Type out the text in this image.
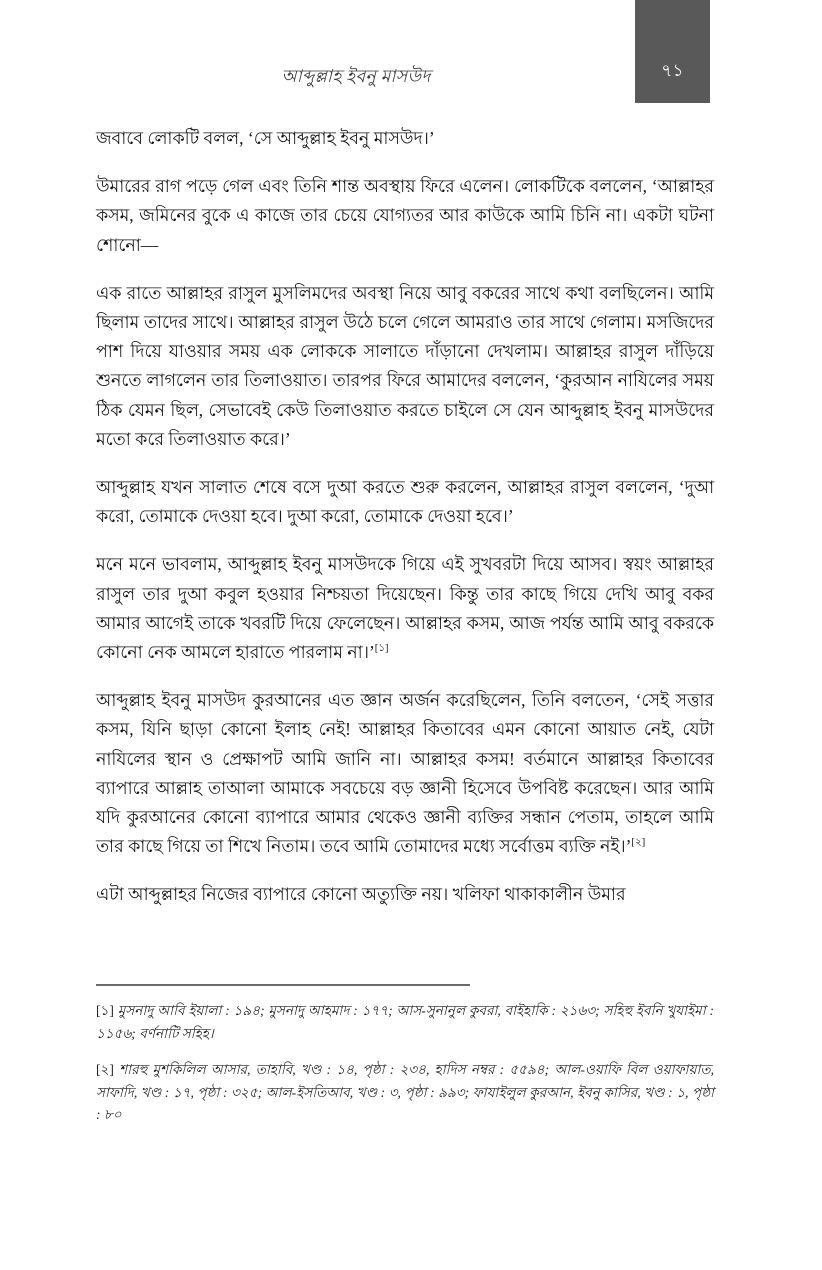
৭১
আব্দুল্লাহ ইবনু মাসউদ

জবাবে লোকটি বলল, ‘সে আব্দুল্লাহ ইবনু মাসউদ।’

উমারের রাগ পড়ে গেল এবং তিনি শান্ত অবস্থায় ফিরে এলেন। লোকটিকে বললেন, ‘আল্লাহর কসম, জমিনের বুকে এ কাজে তার চেয়ে যোগ্যতর আর কাউকে আমি চিনি না। একটা ঘটনা শোনো—

এক রাতে আল্লাহর রাসুল মুসলিমদের অবস্থা নিয়ে আবু বকরের সাথে কথা বলছিলেন। আমি ছিলাম তাদের সাথে। আল্লাহর রাসুল উঠে চলে গেলে আমরাও তার সাথে গেলাম। মসজিদের পাশ দিয়ে যাওয়ার সময় এক লোককে সালাতে দাঁড়ানো দেখলাম। আল্লাহর রাসুল দাঁড়িয়ে শুনতে লাগলেন তার তিলাওয়াত। তারপর ফিরে আমাদের বললেন, ‘কুরআন নাযিলের সময় ঠিক যেমন ছিল, সেভাবেই কেউ তিলাওয়াত করতে চাইলে সে যেন আব্দুল্লাহ ইবনু মাসউদের মতো করে তিলাওয়াত করে।’

আব্দুল্লাহ যখন সালাত শেষে বসে দুআ করতে শুরু করলেন, আল্লাহর রাসুল বললেন, ‘দুআ করো, তোমাকে দেওয়া হবে। দুআ করো, তোমাকে দেওয়া হবে।’

মনে মনে ভাবলাম, আব্দুল্লাহ ইবনু মাসউদকে গিয়ে এই সুখবরটা দিয়ে আসব। স্বয়ং আল্লাহর রাসুল তার দুআ কবুল হওয়ার নিশ্চয়তা দিয়েছেন। কিন্তু তার কাছে গিয়ে দেখি আবু বকর আমার আগেই তাকে খবরটি দিয়ে ফেলেছেন। আল্লাহর কসম, আজ পর্যন্ত আমি আবু বকরকে কোনো নেক আমলে হারাতে পারলাম না।’[১]

আব্দুল্লাহ ইবনু মাসউদ কুরআনের এত জ্ঞান অর্জন করেছিলেন, তিনি বলতেন, ‘সেই সত্তার কসম, যিনি ছাড়া কোনো ইলাহ নেই! আল্লাহর কিতাবের এমন কোনো আয়াত নেই, যেটা নাযিলের স্থান ও প্রেক্ষাপট আমি জানি না। আল্লাহর কসম! বর্তমানে আল্লাহর কিতাবের ব্যাপারে আল্লাহ তাআলা আমাকে সবচেয়ে বড় জ্ঞানী হিসেবে উপবিষ্ট করেছেন। আর আমি যদি কুরআনের কোনো ব্যাপারে আমার থেকেও জ্ঞানী ব্যক্তির সন্ধান পেতাম, তাহলে আমি তার কাছে গিয়ে তা শিখে নিতাম। তবে আমি তোমাদের মধ্যে সর্বোত্তম ব্যক্তি নই।’[২]

এটা আব্দুল্লাহর নিজের ব্যাপারে কোনো অত্যুক্তি নয়। খলিফা থাকাকালীন উমার

[১] মুসনাদু আবি ইয়ালা : ১৯৪; মুসনাদু আহমাদ : ১৭৭; আস-সুনানুল কুবরা, বাইহাকি : ২১৬৩; সহিহু ইবনি খুযাইমা : ১১৫৬; বর্ণনাটি সহিহ।

[২] শারহু মুশকিলিল আসার, তাহাবি, খণ্ড : ১৪, পৃষ্ঠা : ২৩৪, হাদিস নম্বর : ৫৫৯৪; আল-ওয়াফি বিল ওয়াফায়াত, সাফাদি, খণ্ড : ১৭, পৃষ্ঠা : ৩২৫; আল-ইসতিআব, খণ্ড : ৩, পৃষ্ঠা : ৯৯৩; ফাযাইলুল কুরআন, ইবনু কাসির, খণ্ড : ১, পৃষ্ঠা : ৮০
